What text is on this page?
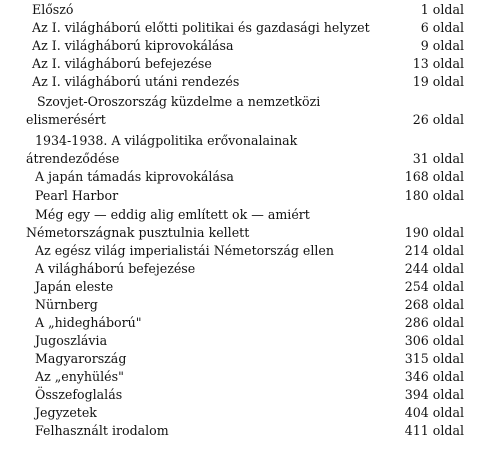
Előszó	1 oldal
Az I. világháború előtti politikai és gazdasági helyzet	6 oldal
Az I. világháború kiprovokálása	9 oldal
Az I. világháború befejezése	13 oldal
Az I. világháború utáni rendezés	19 oldal
Szovjet-Oroszország küzdelme a nemzetközi
elismerésért	26 oldal
1934-1938. A világpolitika erővonalainak
átrendeződése	31 oldal
A japán támadás kiprovokálása	168 oldal
Pearl Harbor	180 oldal
Még egy — eddig alig említett ok — amiért
Németországnak pusztulnia kellett	190 oldal
Az egész világ imperialistái Németország ellen	214 oldal
A világháború befejezése	244 oldal
Japán eleste	254 oldal
Nürnberg	268 oldal
A „hidegháború"	286 oldal
Jugoszlávia	306 oldal
Magyarország	315 oldal
Az „enyhülés"	346 oldal
Összefoglalás	394 oldal
Jegyzetek	404 oldal
Felhasznált irodalom	411 oldal
